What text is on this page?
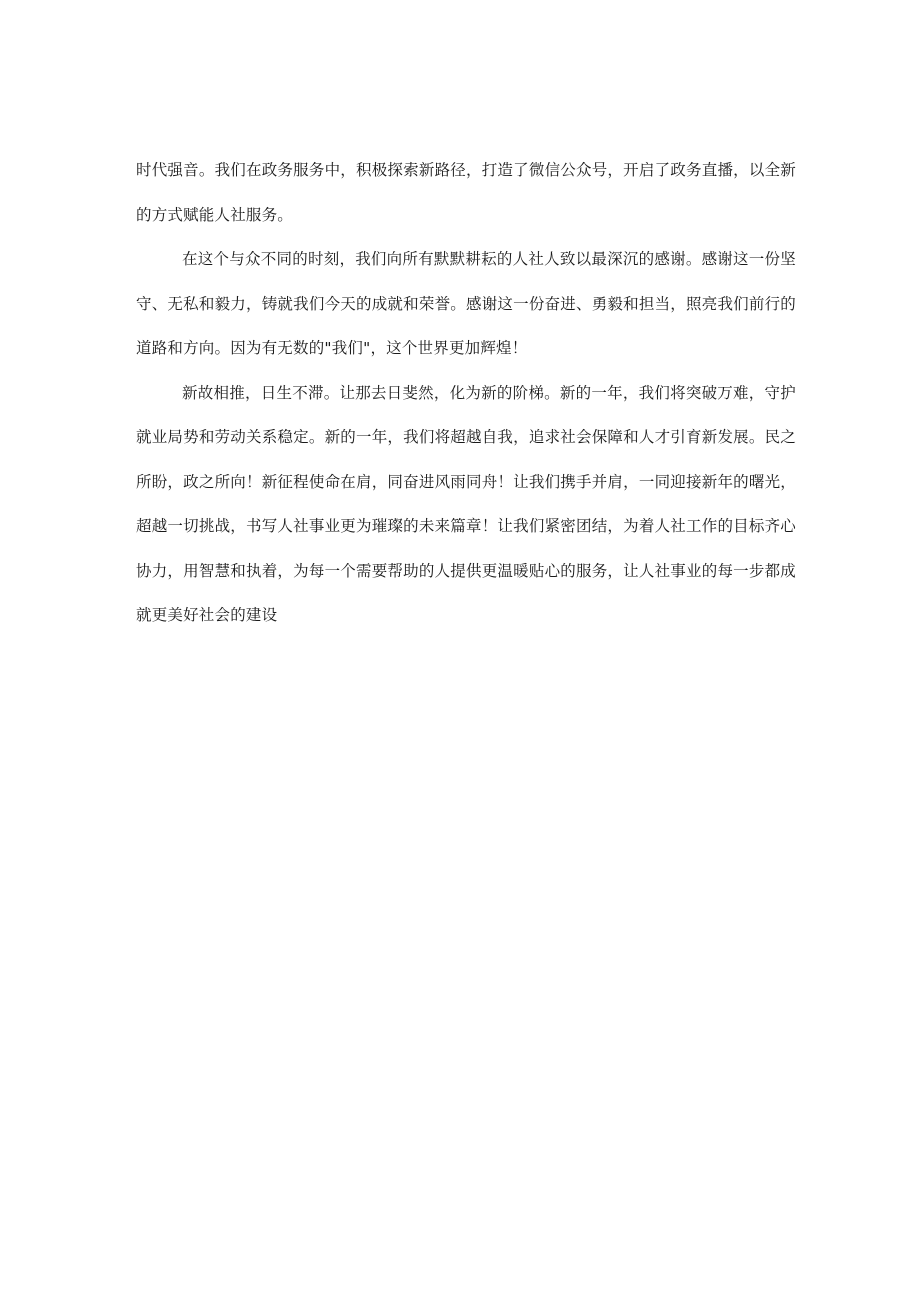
时代强音。我们在政务服务中，积极探索新路径，打造了微信公众号，开启了政务直播，以全新的方式赋能人社服务。

在这个与众不同的时刻，我们向所有默默耕耘的人社人致以最深沉的感谢。感谢这一份坚守、无私和毅力，铸就我们今天的成就和荣誉。感谢这一份奋进、勇毅和担当，照亮我们前行的道路和方向。因为有无数的"我们"，这个世界更加辉煌！

新故相推，日生不滞。让那去日斐然，化为新的阶梯。新的一年，我们将突破万难，守护就业局势和劳动关系稳定。新的一年，我们将超越自我，追求社会保障和人才引育新发展。民之所盼，政之所向！新征程使命在肩，同奋进风雨同舟！让我们携手并肩，一同迎接新年的曙光，超越一切挑战，书写人社事业更为璀璨的未来篇章！让我们紧密团结，为着人社工作的目标齐心协力，用智慧和执着，为每一个需要帮助的人提供更温暖贴心的服务，让人社事业的每一步都成就更美好社会的建设
